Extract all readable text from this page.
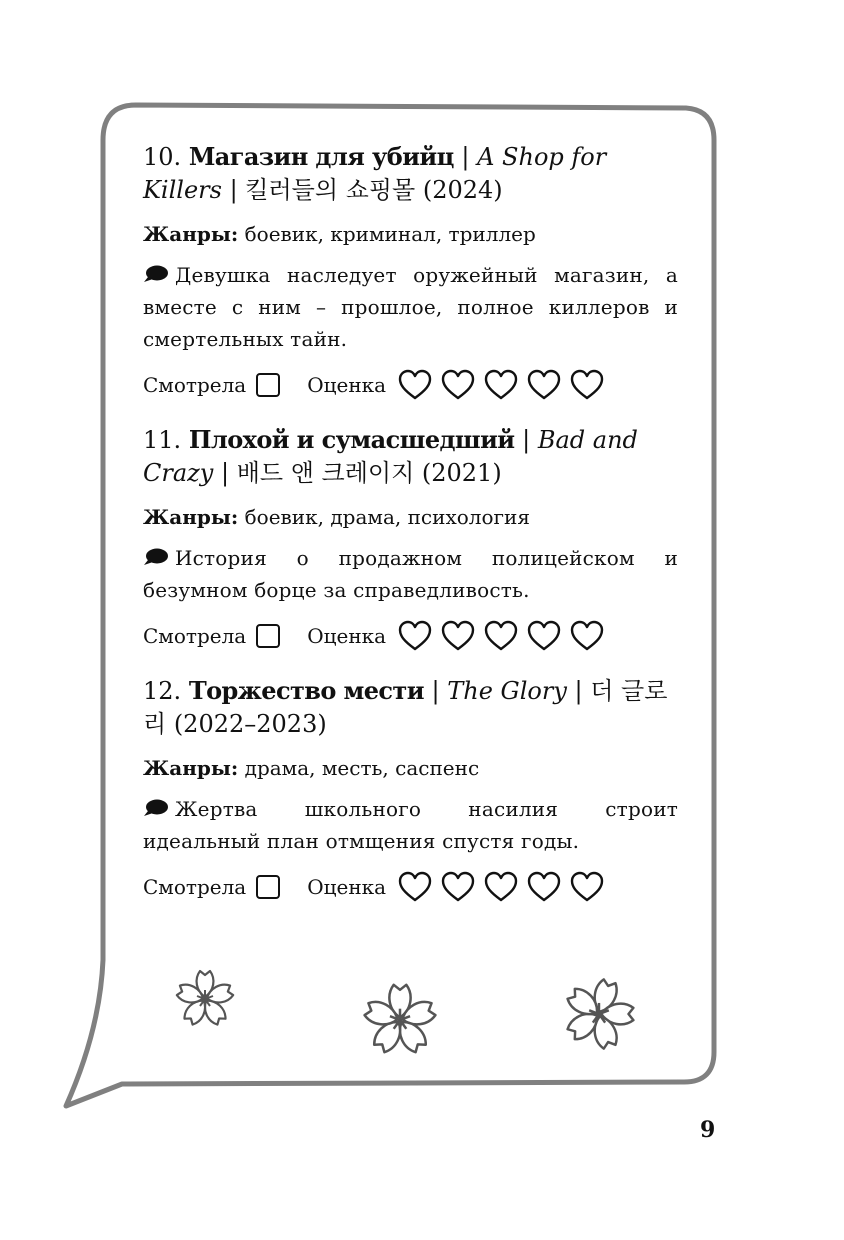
10. Магазин для убийц | A Shop for Killers | 킬러들의 쇼핑몰 (2024)

Жанры: боевик, криминал, триллер
Девушка наследует оружейный магазин, а вместе с ним – прошлое, полное киллеров и смертельных тайн.
Смотрела	Оценка

11. Плохой и сумасшедший | Bad and Crazy | 배드 앤 크레이지 (2021)

Жанры: боевик, драма, психология
История о продажном полицейском и безумном борце за справедливость.
Смотрела	Оценка

12. Торжество мести | The Glory | 더 글로리 (2022–2023)

Жанры: драма, месть, саспенс
Жертва школьного насилия строит идеальный план отмщения спустя годы.
Смотрела	Оценка
9
